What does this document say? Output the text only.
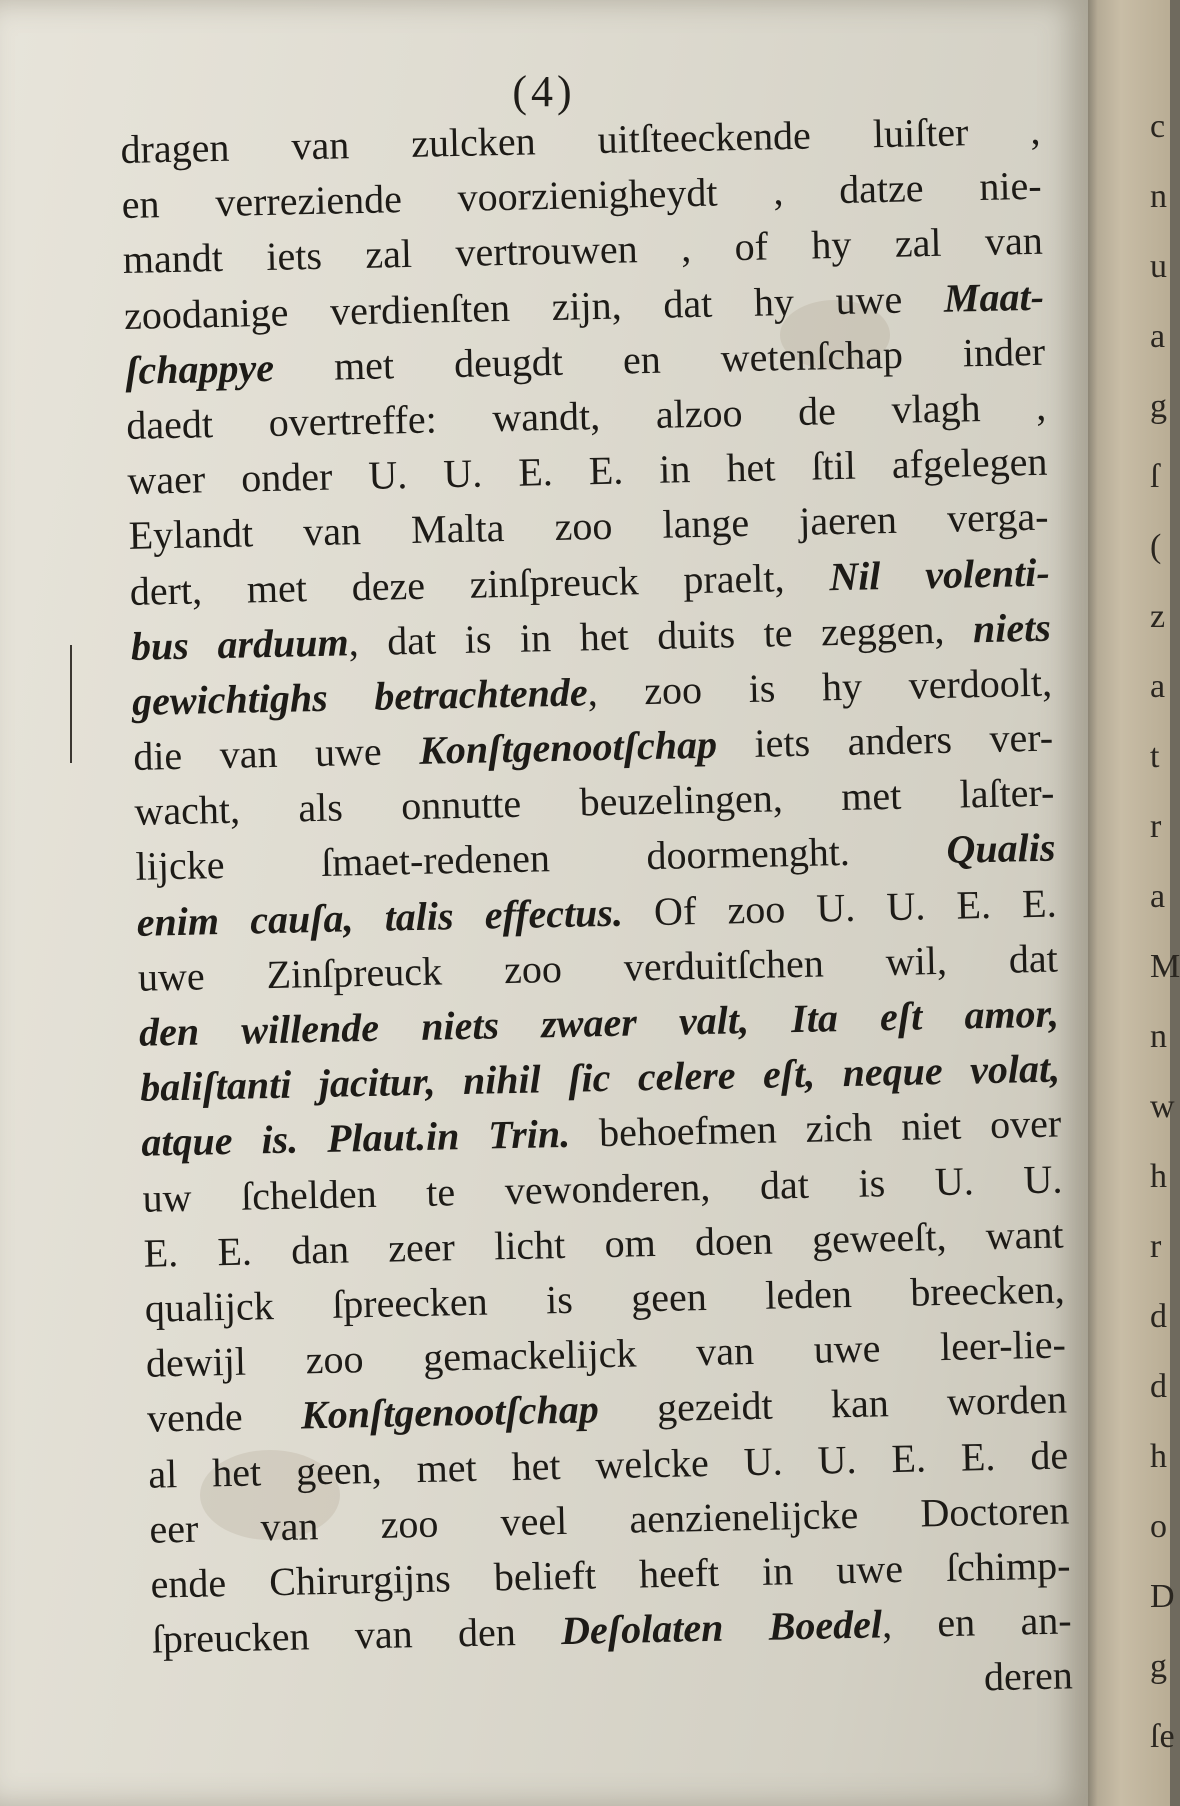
(4)
dragen van zulcken uitſteeckende luiſter ,
en verreziende voorzienigheydt , datze nie-
mandt iets zal vertrouwen , of hy zal van
zoodanige verdienſten zijn, dat hy uwe Maat-
ſchappye met deugdt en wetenſchap inder
daedt overtreffe: wandt, alzoo de vlagh ,
waer onder U. U. E. E. in het ſtil afgelegen
Eylandt van Malta zoo lange jaeren verga-
dert, met deze zinſpreuck praelt, Nil volenti-
bus arduum, dat is in het duits te zeggen, niets
gewichtighs betrachtende, zoo is hy verdoolt,
die van uwe Konſtgenootſchap iets anders ver-
wacht, als onnutte beuzelingen, met laſter-
lijcke ſmaet-redenen doormenght. Qualis
enim cauſa, talis effectus. Of zoo U. U. E. E.
uwe Zinſpreuck zoo verduitſchen wil, dat
den willende niets zwaer valt, Ita eſt amor,
baliſtanti jacitur, nihil ſic celere eſt, neque volat,
atque is. Plaut.in Trin. behoefmen zich niet over
uw ſchelden te vewonderen, dat is U. U.
E. E. dan zeer licht om doen geweeſt, want
qualijck ſpreecken is geen leden breecken,
dewijl zoo gemackelijck van uwe leer-lie-
vende Konſtgenootſchap gezeidt kan worden
al het geen, met het welcke U. U. E. E. de
eer van zoo veel aenzienelijcke Doctoren
ende Chirurgijns belieft heeft in uwe ſchimp-
ſpreucken van den Deſolaten Boedel, en an-
deren
c
n
u
a
g
ſ
(
z
a
t
r
a
M
n
w
h
r
d
d
h
o
D
g
ſe
